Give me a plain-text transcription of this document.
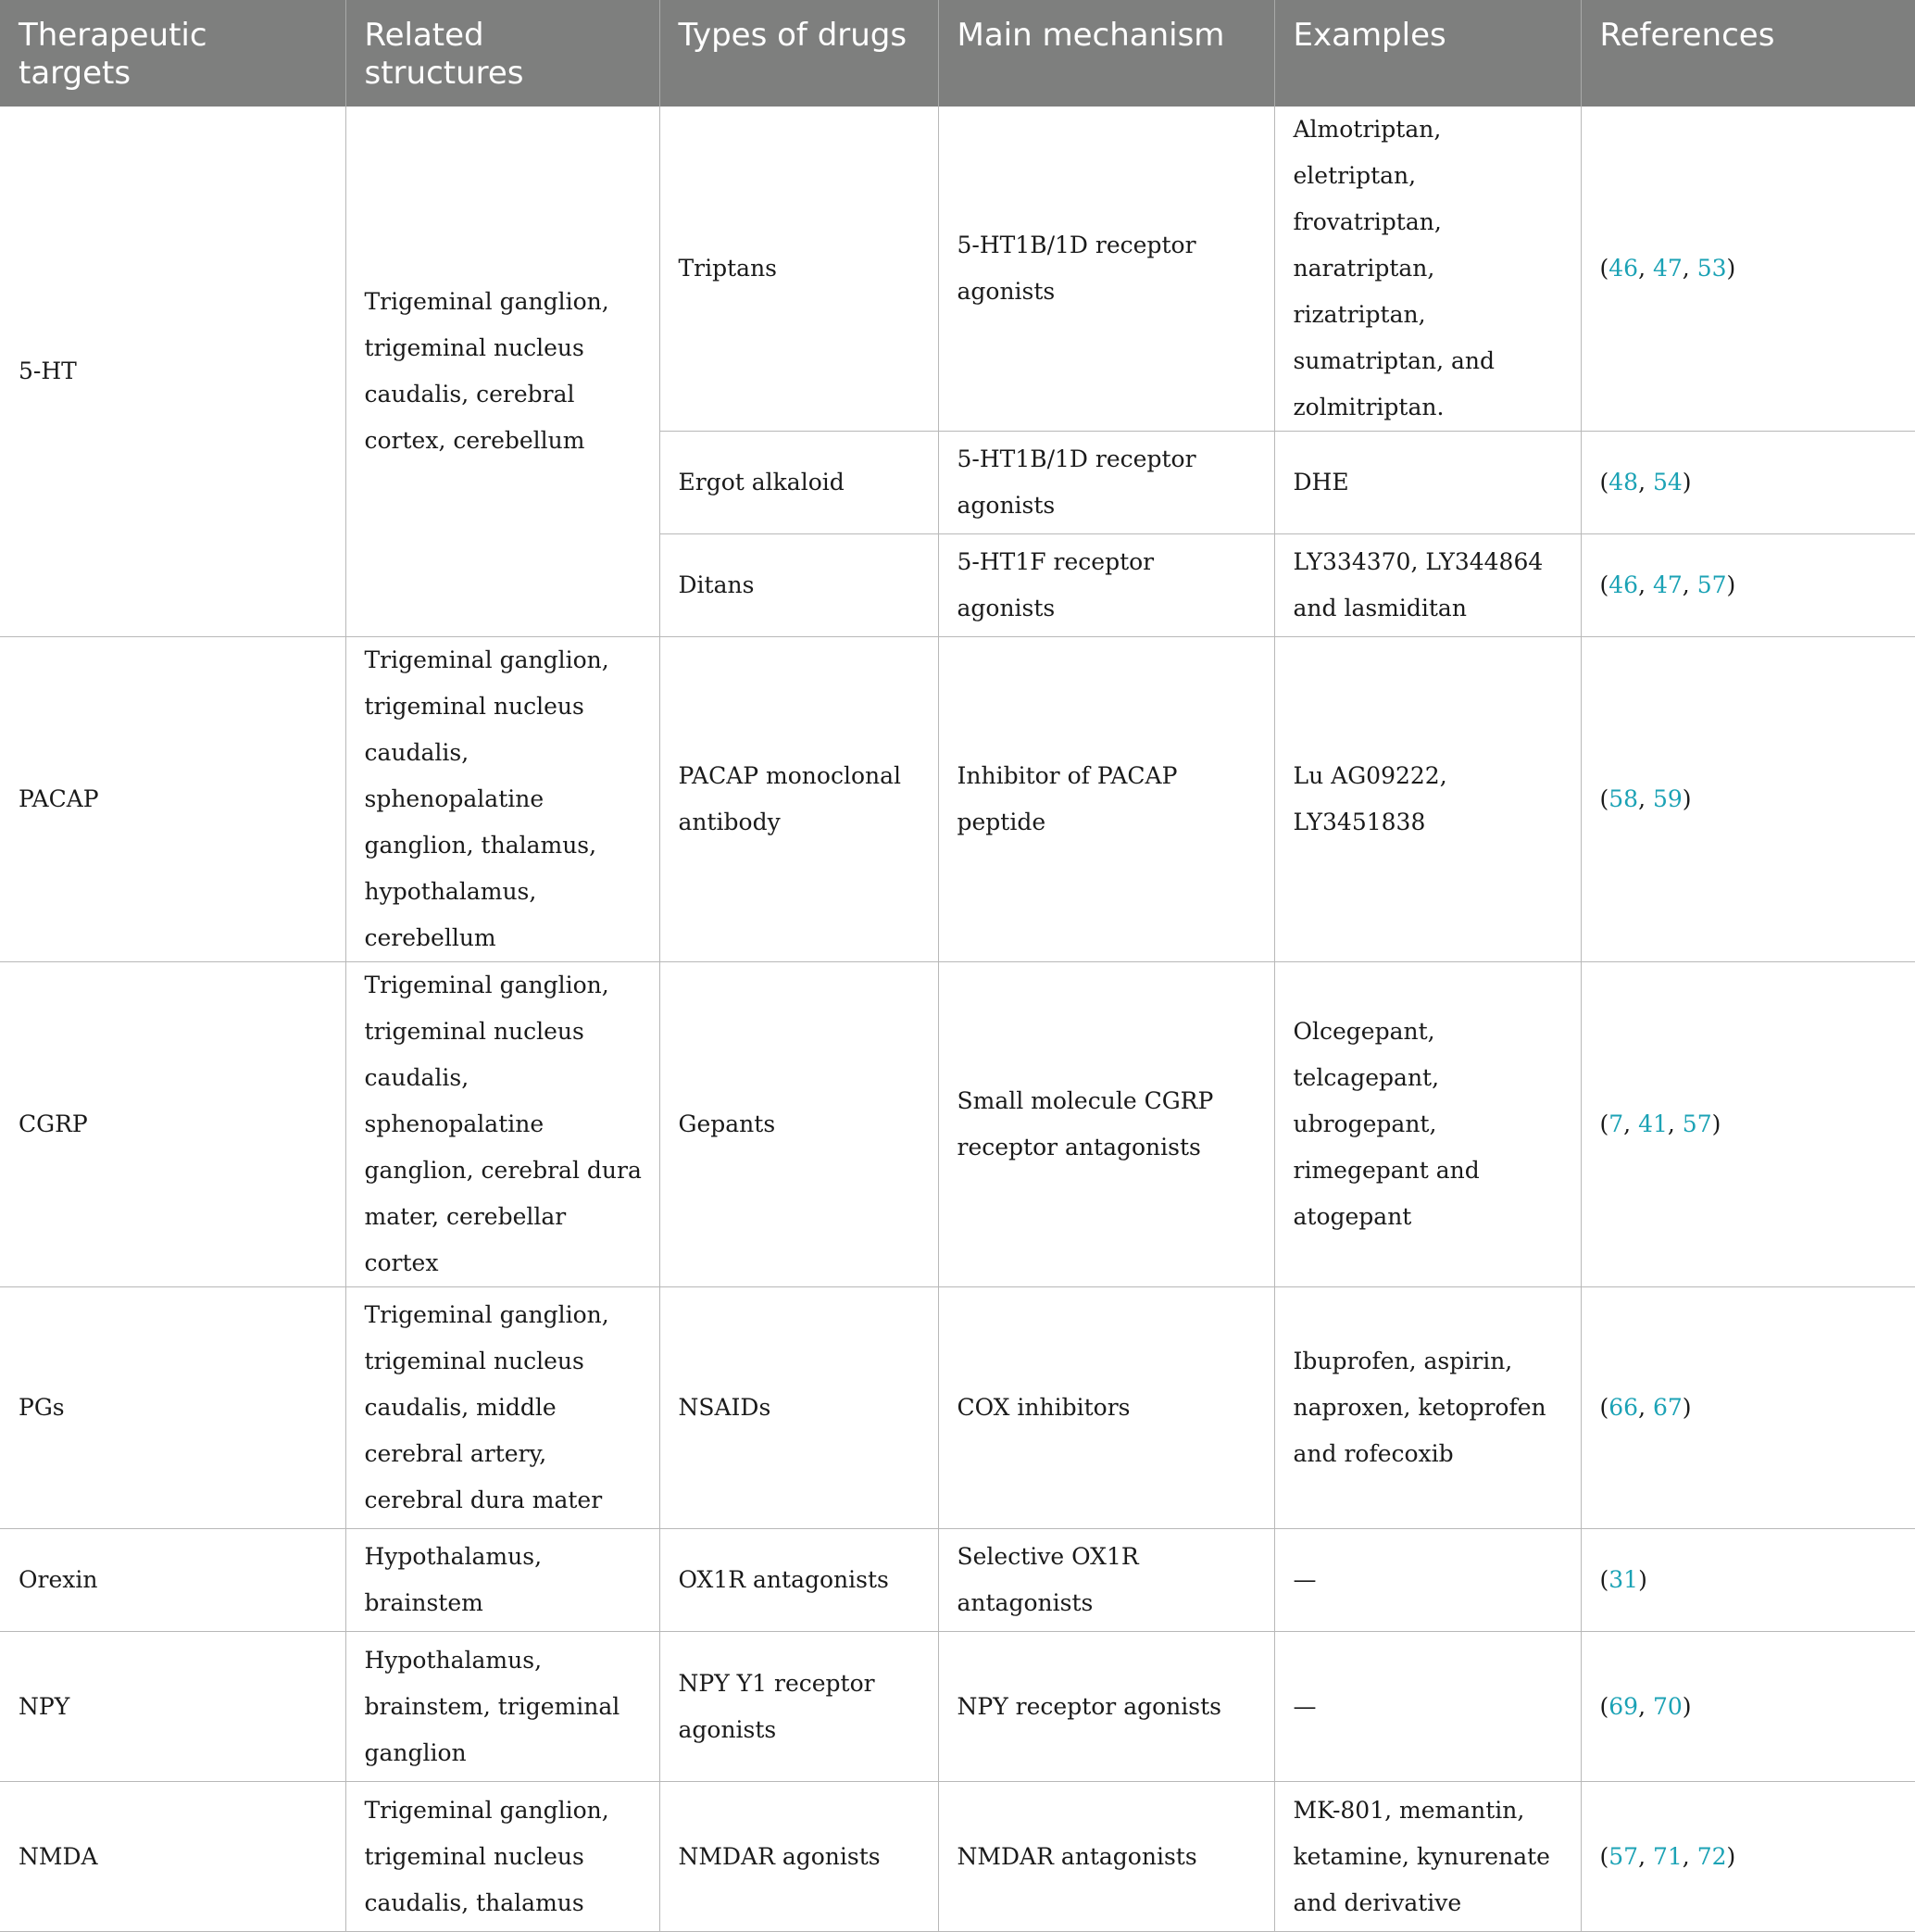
Therapeutic targets	Related structures	Types of drugs	Main mechanism	Examples	References
5-HT	Trigeminal ganglion, trigeminal nucleus caudalis, cerebral cortex, cerebellum	Triptans	5-HT1B/1D receptor agonists	Almotriptan, eletriptan, frovatriptan, naratriptan, rizatriptan, sumatriptan, and zolmitriptan.	(46, 47, 53)
		Ergot alkaloid	5-HT1B/1D receptor agonists	DHE	(48, 54)
		Ditans	5-HT1F receptor agonists	LY334370, LY344864 and lasmiditan	(46, 47, 57)
PACAP	Trigeminal ganglion, trigeminal nucleus caudalis, sphenopalatine ganglion, thalamus, hypothalamus, cerebellum	PACAP monoclonal antibody	Inhibitor of PACAP peptide	Lu AG09222, LY3451838	(58, 59)
CGRP	Trigeminal ganglion, trigeminal nucleus caudalis, sphenopalatine ganglion, cerebral dura mater, cerebellar cortex	Gepants	Small molecule CGRP receptor antagonists	Olcegepant, telcagepant, ubrogepant, rimegepant and atogepant	(7, 41, 57)
PGs	Trigeminal ganglion, trigeminal nucleus caudalis, middle cerebral artery, cerebral dura mater	NSAIDs	COX inhibitors	Ibuprofen, aspirin, naproxen, ketoprofen and rofecoxib	(66, 67)
Orexin	Hypothalamus, brainstem	OX1R antagonists	Selective OX1R antagonists	—	(31)
NPY	Hypothalamus, brainstem, trigeminal ganglion	NPY Y1 receptor agonists	NPY receptor agonists	—	(69, 70)
NMDA	Trigeminal ganglion, trigeminal nucleus caudalis, thalamus	NMDAR agonists	NMDAR antagonists	MK-801, memantin, ketamine, kynurenate and derivative	(57, 71, 72)
